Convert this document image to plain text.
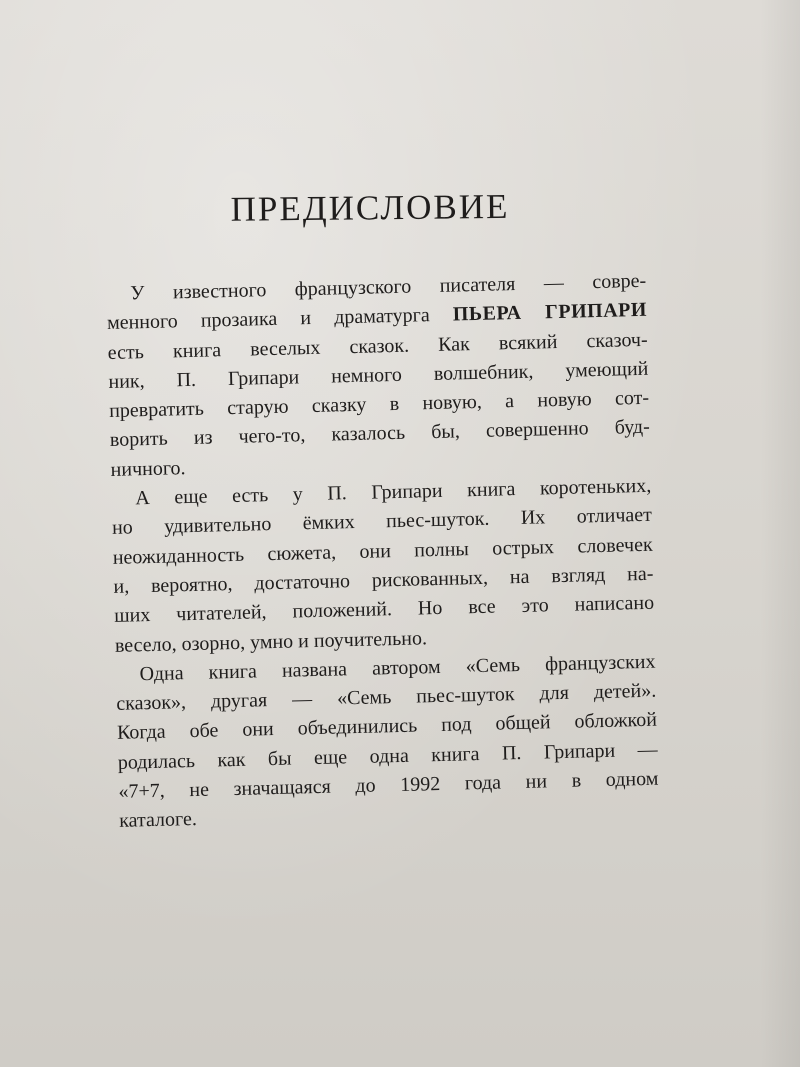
ПРЕДИСЛОВИЕ
У известного французского писателя — совре-
менного прозаика и драматурга ПЬЕРА ГРИПАРИ
есть книга веселых сказок. Как всякий сказоч-
ник, П. Грипари немного волшебник, умеющий
превратить старую сказку в новую, а новую сот-
ворить из чего-то, казалось бы, совершенно буд-
ничного.
А еще есть у П. Грипари книга коротеньких,
но удивительно ёмких пьес-шуток. Их отличает
неожиданность сюжета, они полны острых словечек
и, вероятно, достаточно рискованных, на взгляд на-
ших читателей, положений. Но все это написано
весело, озорно, умно и поучительно.
Одна книга названа автором «Семь французских
сказок», другая — «Семь пьес-шуток для детей».
Когда обе они объединились под общей обложкой
родилась как бы еще одна книга П. Грипари —
«7+7, не значащаяся до 1992 года ни в одном
каталоге.
